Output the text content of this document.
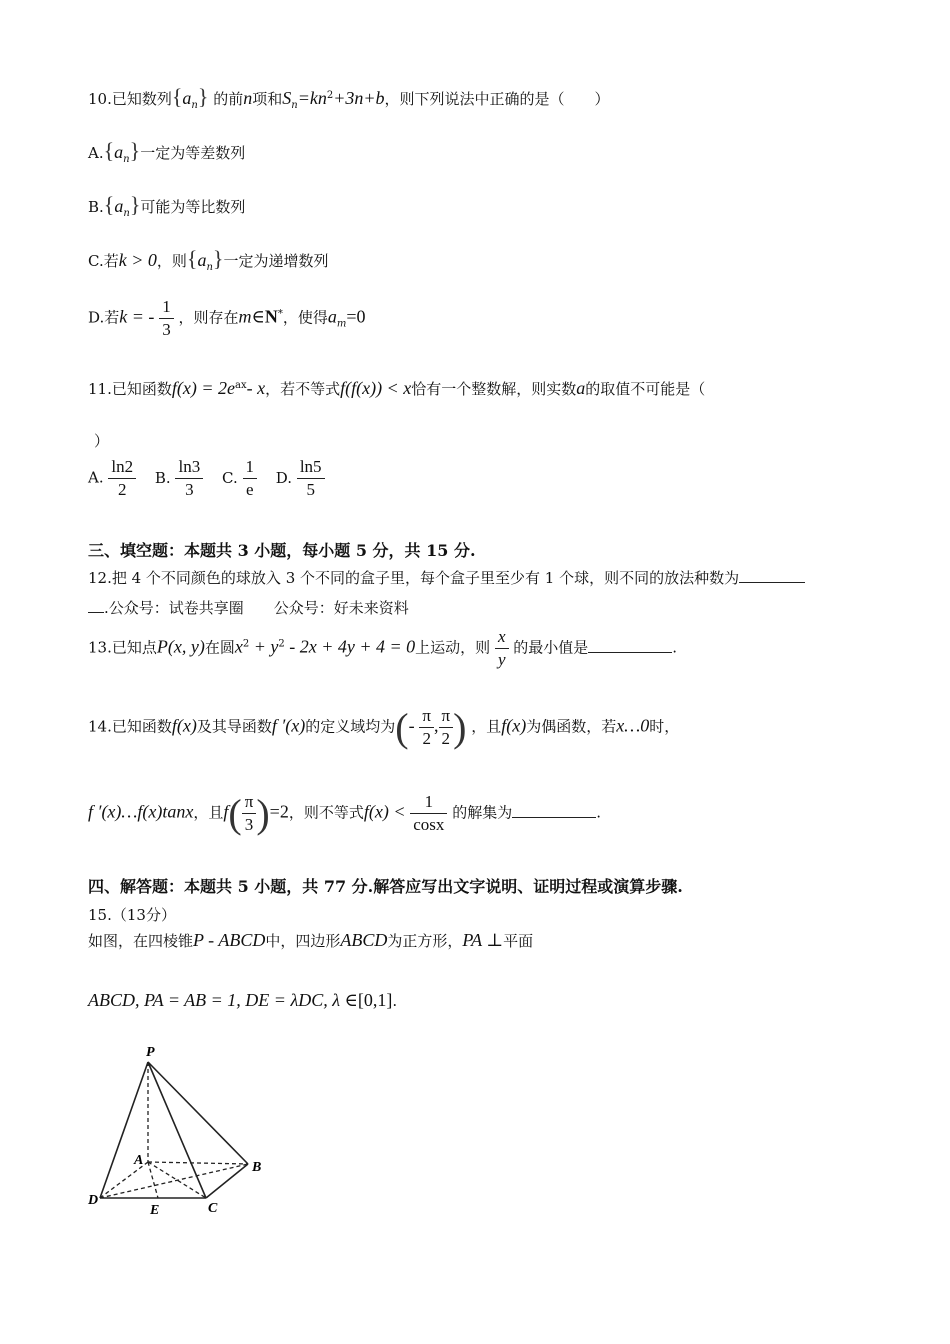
10.已知数列$\{a_n\}$ 的前n项和$S_n=kn^2+3n+b$，则下列说法中正确的是（　　）
$A.\{a_n\}$一定为等差数列
$B.\{a_n\}$可能为等比数列
C.若k > 0，则$\{a_n\}$一定为递增数列
D.若k = - $\frac{1}{3}$ ，则存在m∈N*，使得$a_m=0$
11.已知函数$f(x) = 2e^{ax}-$ x，若不等式f(f(x)) < x恰有一个整数解，则实数a的取值不可能是（
）
A. $\frac{\ln 2}{2} B$. $\frac{\ln 3}{3} C$. $\frac{1}{e} D$. $\frac{\ln 5}{5}$
三、填空题：本题共 3 小题，每小题 5 分，共 15 分.
12.把 4 个不同颜色的球放入 3 个不同的盒子里，每个盒子里至少有 1 个球，则不同的放法种数为
.公众号：试卷共享圈　　公众号：好未来资料
13.已知点P(x, y)在圆$x^2 + y^2 - 2x + 4y + 4 = 0$上运动，则 $\frac{x}{y}$ 的最小值是	.
14.已知函数f(x)及其导函数f ′(x)的定义域均为(- $\frac{\pi}{2}$ , $\frac{\pi}{2}$ ) ，且f(x)为偶函数，若x…0时，
f ′(x)…f(x)tanx，且$f( \frac{\pi}{3} )=2$，则不等式$f(x) < \frac{1}{\cos x}$ 的解集为	.
四、解答题：本题共 5 小题，共 77 分.解答应写出文字说明、证明过程或演算步骤.
15.（13分）
如图，在四棱锥P - ABCD中，四边形ABCD为正方形，PA ⊥平面
ABCD, PA = AB = 1, DE = λDC, λ ∈[0,1].
P
A	B
C
D
E
